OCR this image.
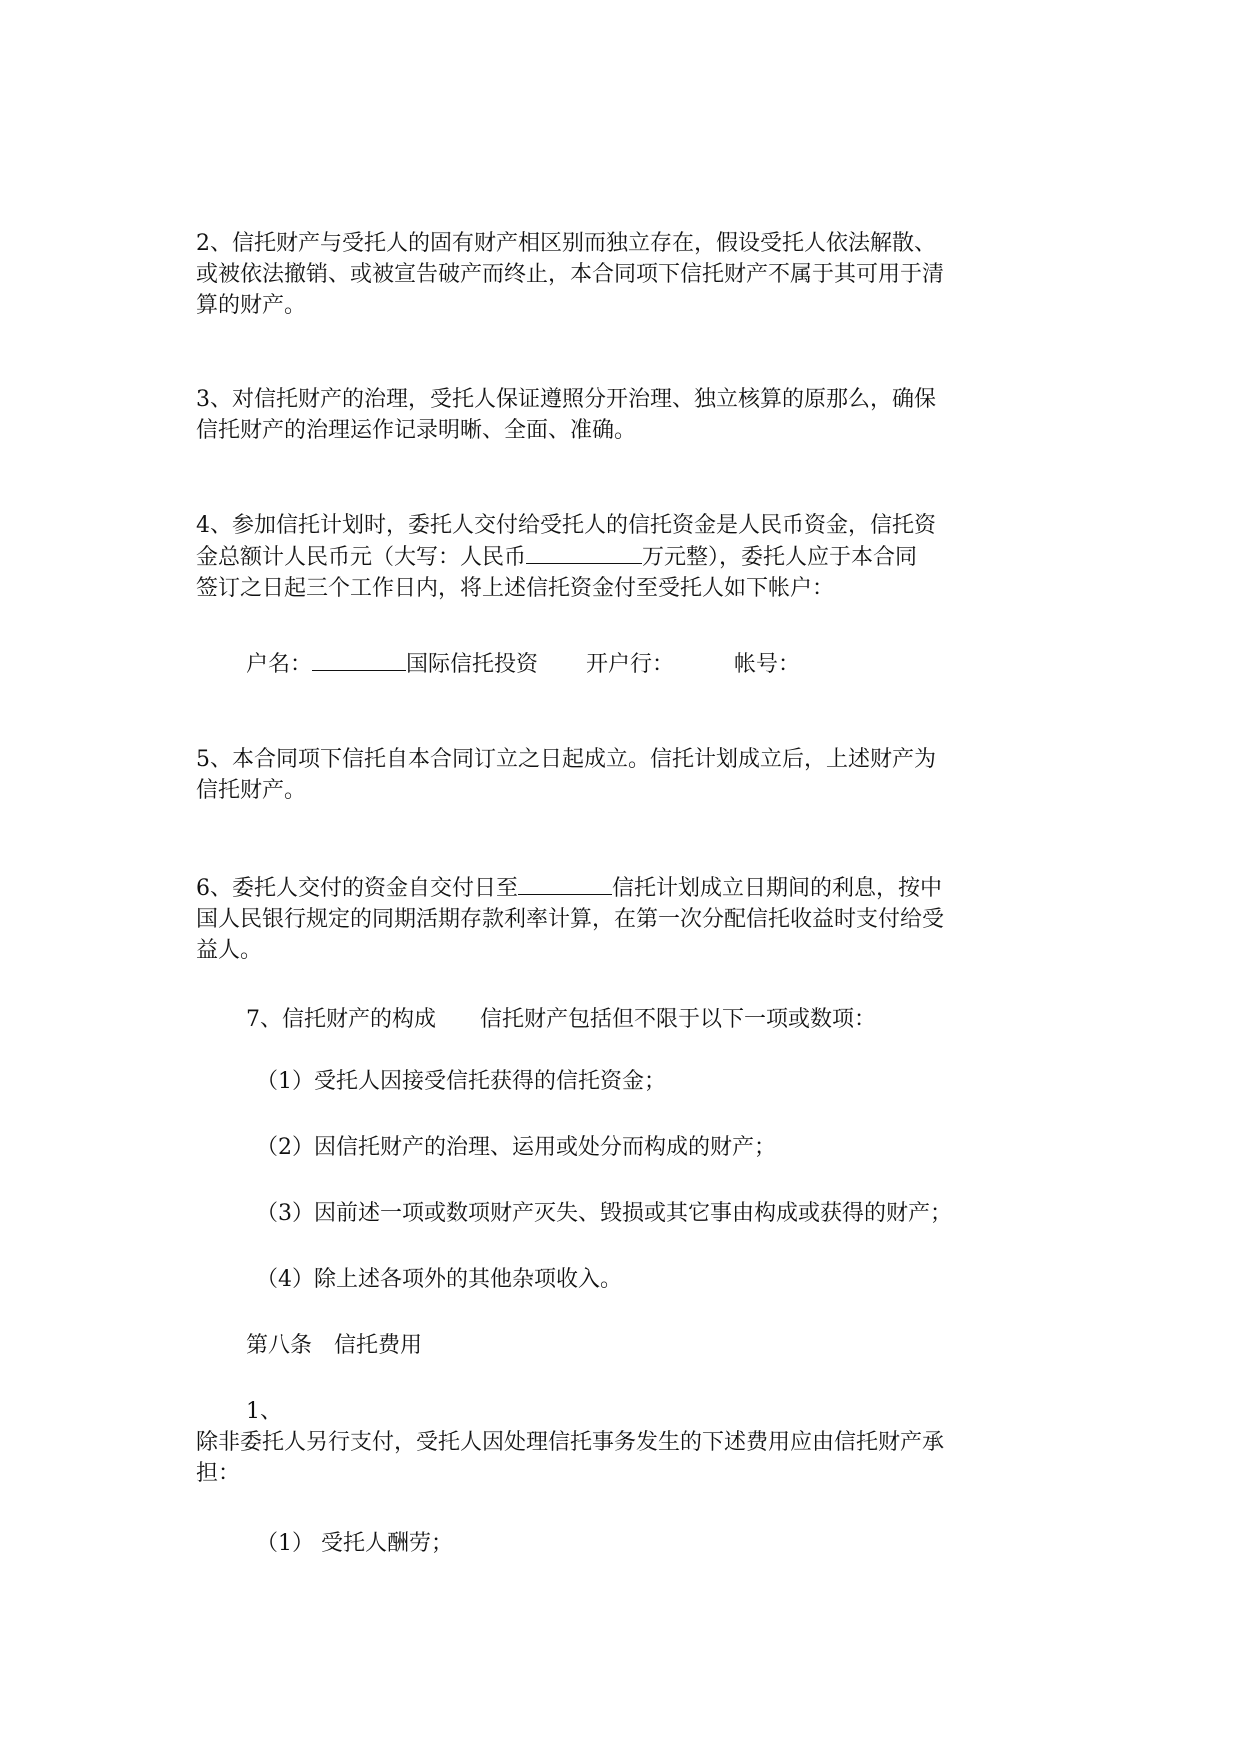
2、信托财产与受托人的固有财产相区别而独立存在，假设受托人依法解散、
或被依法撤销、或被宣告破产而终止，本合同项下信托财产不属于其可用于清
算的财产。
3、对信托财产的治理，受托人保证遵照分开治理、独立核算的原那么，确保
信托财产的治理运作记录明晰、全面、准确。
4、参加信托计划时，委托人交付给受托人的信托资金是人民币资金，信托资
金总额计人民币元（大写：人民币	万元整），委托人应于本合同
签订之日起三个工作日内，将上述信托资金付至受托人如下帐户：
户名：	国际信托投资 开户行：	帐号：
5、本合同项下信托自本合同订立之日起成立。信托计划成立后，上述财产为
信托财产。
6、委托人交付的资金自交付日至	信托计划成立日期间的利息，按中
国人民银行规定的同期活期存款利率计算，在第一次分配信托收益时支付给受
益人。
7、信托财产的构成 信托财产包括但不限于以下一项或数项：
（1）受托人因接受信托获得的信托资金；
（2）因信托财产的治理、运用或处分而构成的财产；
（3）因前述一项或数项财产灭失、毁损或其它事由构成或获得的财产；
（4）除上述各项外的其他杂项收入。
第八条 信托费用
1、
除非委托人另行支付，受托人因处理信托事务发生的下述费用应由信托财产承
担：
（1） 受托人酬劳；
